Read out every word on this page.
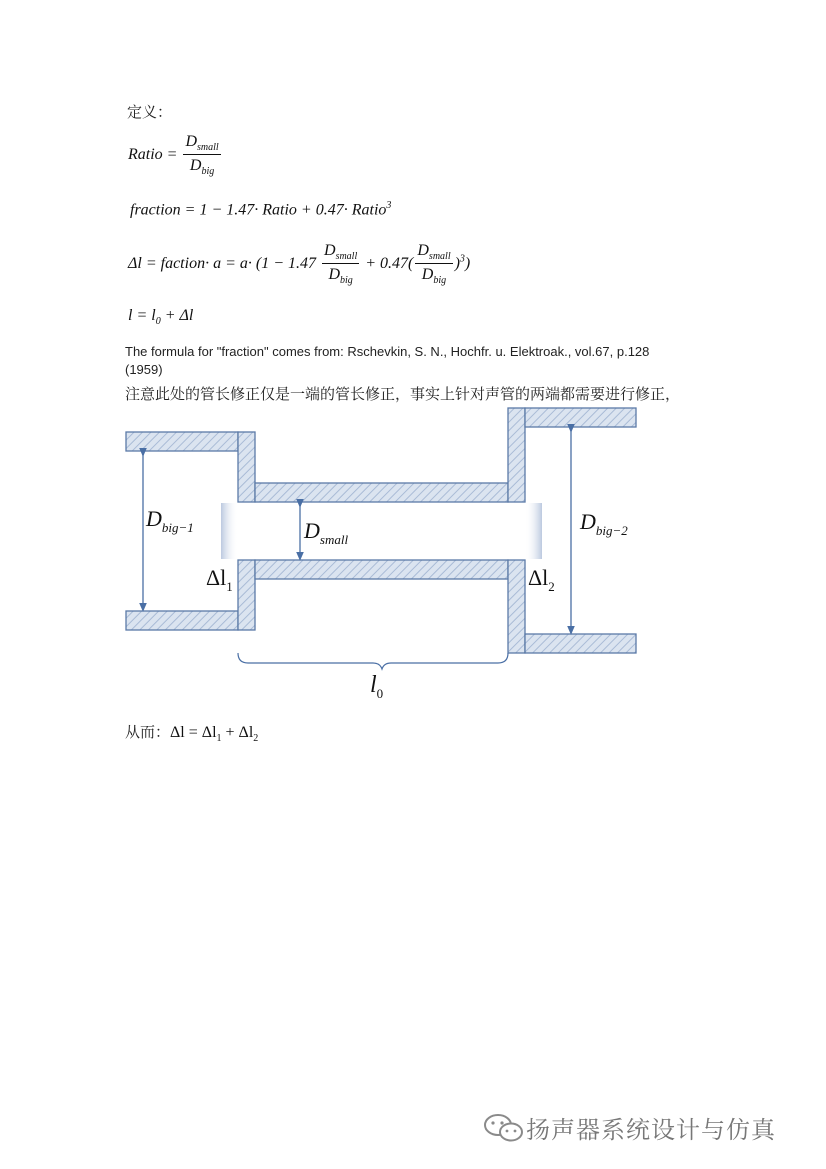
定义：
Ratio = $\frac{D_{small}}{D_{big}}$
fraction = 1 − 1.47· Ratio + 0.47· Ratio$^3$
Δl = faction· $a = a\cdot (1 - 1.47 \frac{D_{small}}{D_{big}} + 0.47( \frac{D_{small}}{D_{big}} )^3)$
$l = l_0 + \Delta l$
The formula for "fraction" comes from: Rschevkin, S. N., Hochfr. u. Elektroak., vol.67, p.128 (1959)
注意此处的管长修正仅是一端的管长修正，事实上针对声管的两端都需要进行修正，
$D_{big-1}$	$D_{small}$
$D_{big-2}$
$\Delta l_1$	$\Delta l_2$
$l_0$
从而：$\Delta l = \Delta l_1 + \Delta l_2$
扬声器系统设计与仿真
